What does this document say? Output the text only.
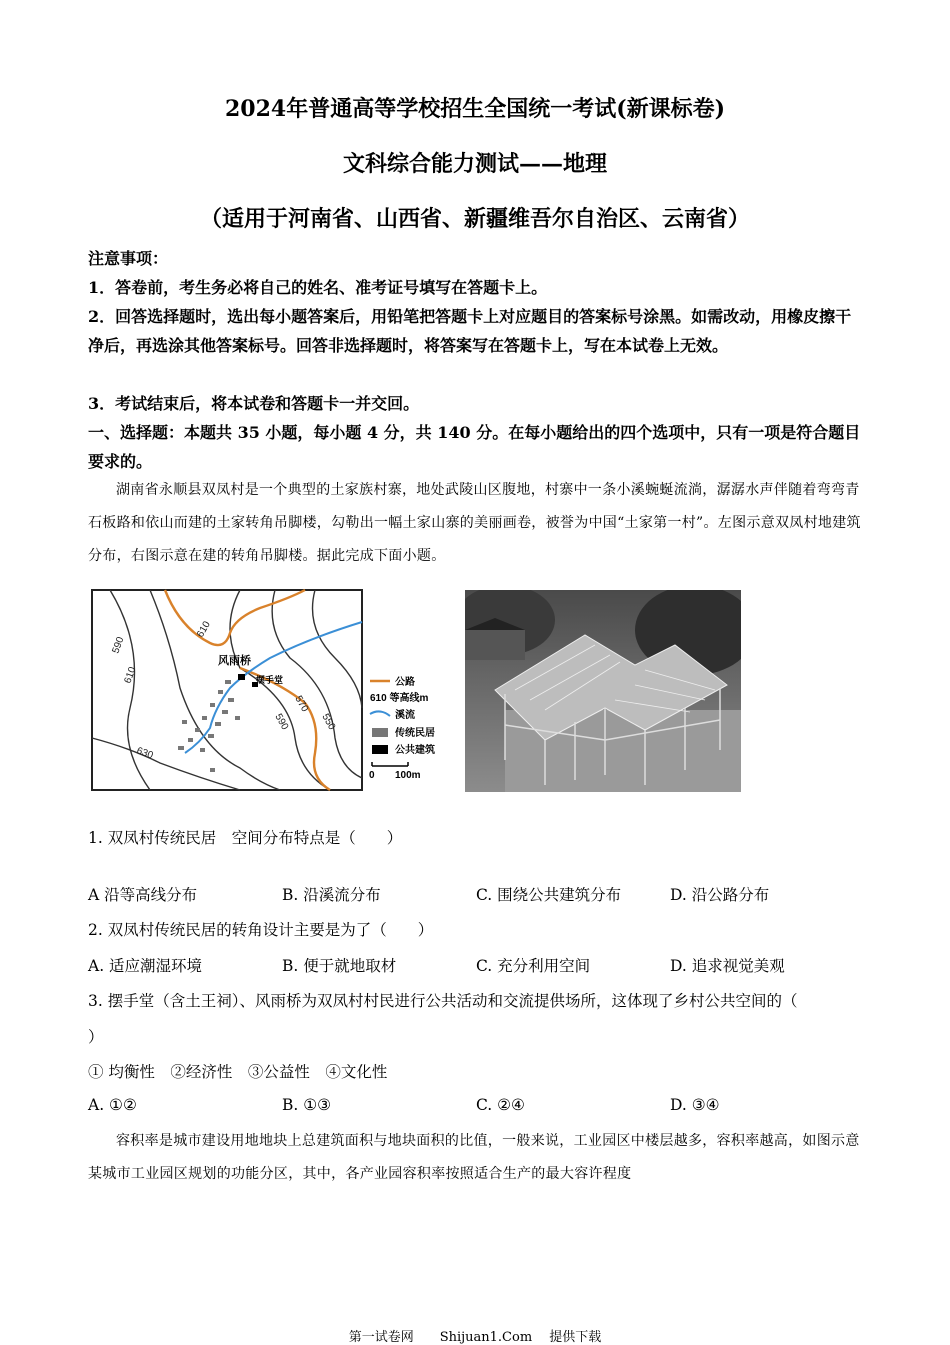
2024年普通高等学校招生全国统一考试(新课标卷)
文科综合能力测试——地理
（适用于河南省、山西省、新疆维吾尔自治区、云南省）
注意事项：
1．答卷前，考生务必将自己的姓名、准考证号填写在答题卡上。
2．回答选择题时，选出每小题答案后，用铅笔把答题卡上对应题目的答案标号涂黑。如需改动，用橡皮擦干净后，再选涂其他答案标号。回答非选择题时，将答案写在答题卡上，写在本试卷上无效。
3．考试结束后，将本试卷和答题卡一并交回。
一、选择题：本题共 35 小题，每小题 4 分，共 140 分。在每小题给出的四个选项中，只有一项是符合题目要求的。
湖南省永顺县双凤村是一个典型的土家族村寨，地处武陵山区腹地，村寨中一条小溪蜿蜒流淌，潺潺水声伴随着弯弯青石板路和依山而建的土家转角吊脚楼，勾勒出一幅土家山寨的美丽画卷，被誉为中国“土家第一村”。左图示意双凤村地建筑分布，右图示意在建的转角吊脚楼。据此完成下面小题。
590
610
610
630
590
570
550
风雨桥
摆手堂	公路
610 等高线m
溪流
传统民居
公共建筑
0 100m
1. 双凤村传统民居　空间分布特点是（　　）
A 沿等高线分布	B. 沿溪流分布	C. 围绕公共建筑分布	D. 沿公路分布
2. 双凤村传统民居的转角设计主要是为了（　　）
A. 适应潮湿环境	B. 便于就地取材	C. 充分利用空间	D. 追求视觉美观
3. 摆手堂（含土王祠）、风雨桥为双凤村村民进行公共活动和交流提供场所，这体现了乡村公共空间的（
）
① 均衡性　②经济性　③公益性　④文化性
A. ①②	B. ①③	C. ②④	D. ③④
容积率是城市建设用地地块上总建筑面积与地块面积的比值，一般来说，工业园区中楼层越多，容积率越高，如图示意某城市工业园区规划的功能分区，其中，各产业园容积率按照适合生产的最大容许程度
第一试卷网　　Shijuan1.Com　 提供下载
